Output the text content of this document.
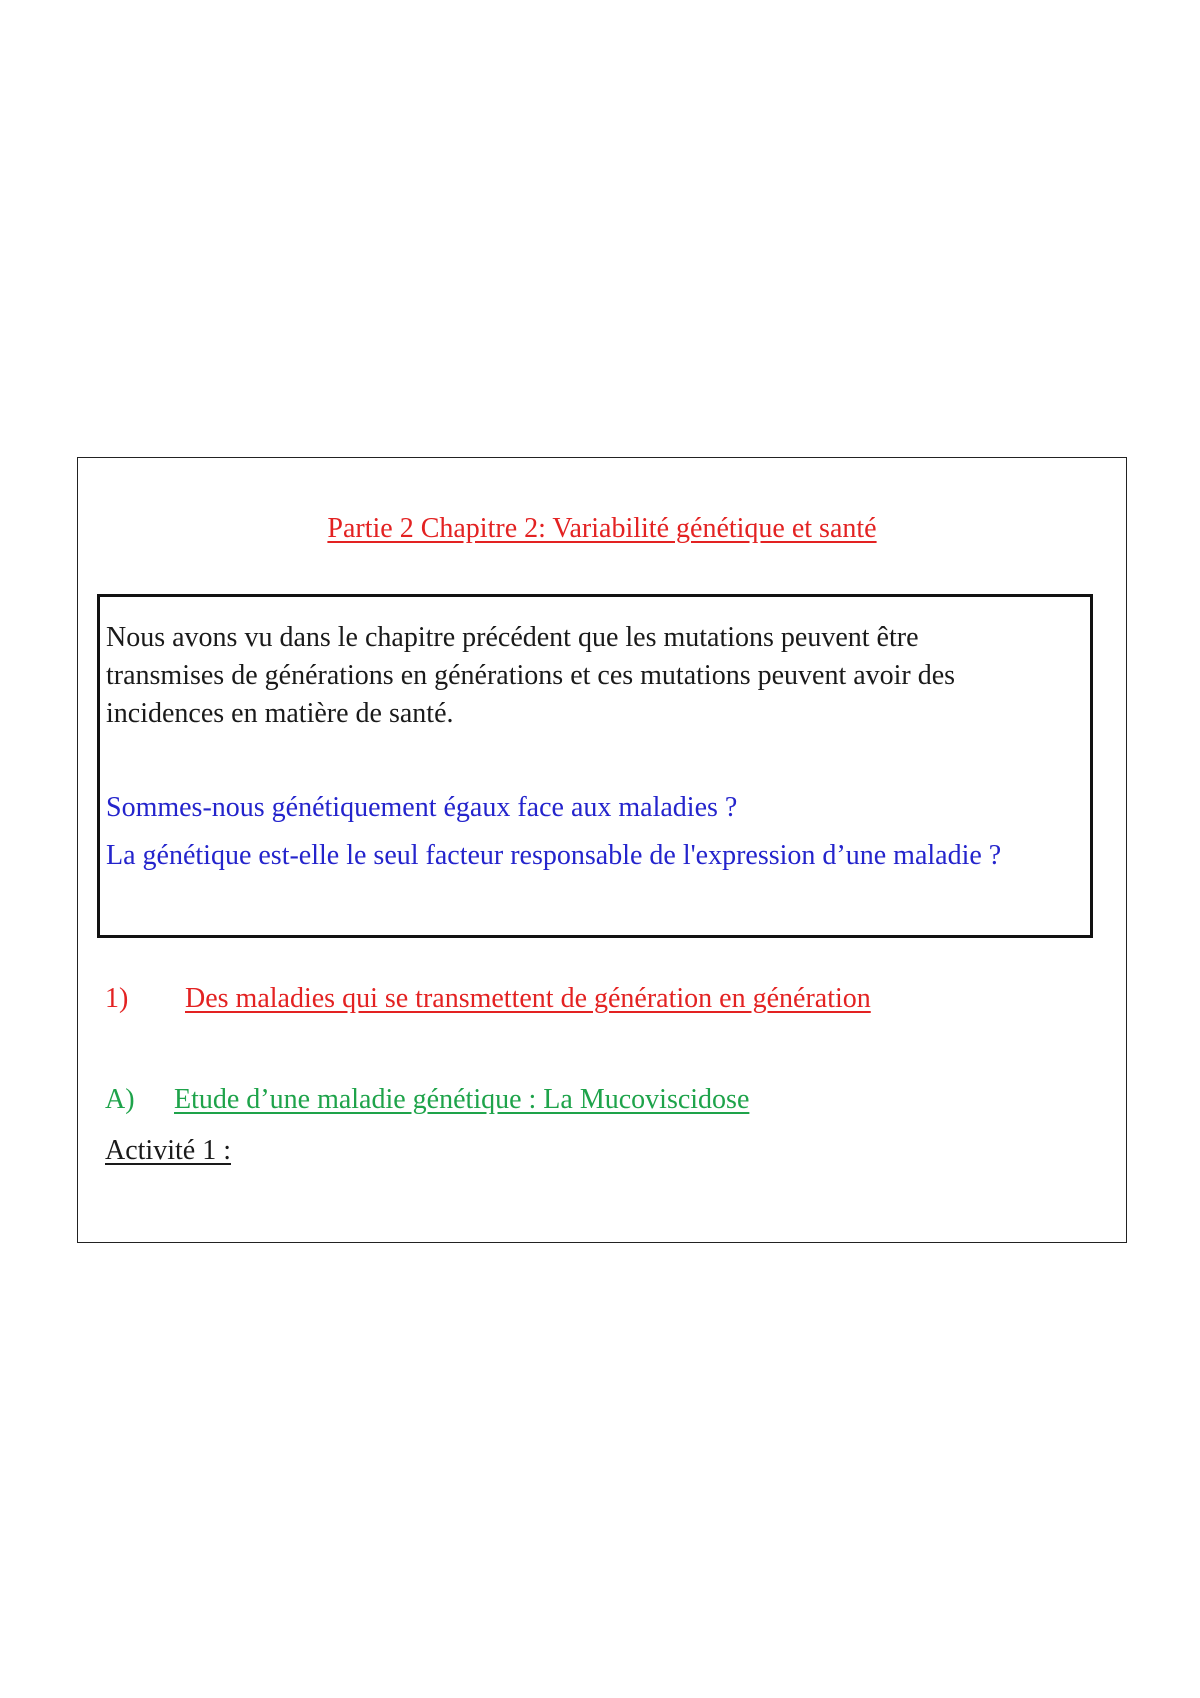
Partie 2 Chapitre 2: Variabilité génétique et santé

Nous avons vu dans le chapitre précédent que les mutations peuvent être transmises de générations en générations et ces mutations peuvent avoir des incidences en matière de santé.

Sommes-nous génétiquement égaux face aux maladies ?

La génétique est-elle le seul facteur responsable de l'expression d’une maladie ?

1) Des maladies qui se transmettent de génération en génération
A) Etude d’une maladie génétique : La Mucoviscidose
Activité 1 :
